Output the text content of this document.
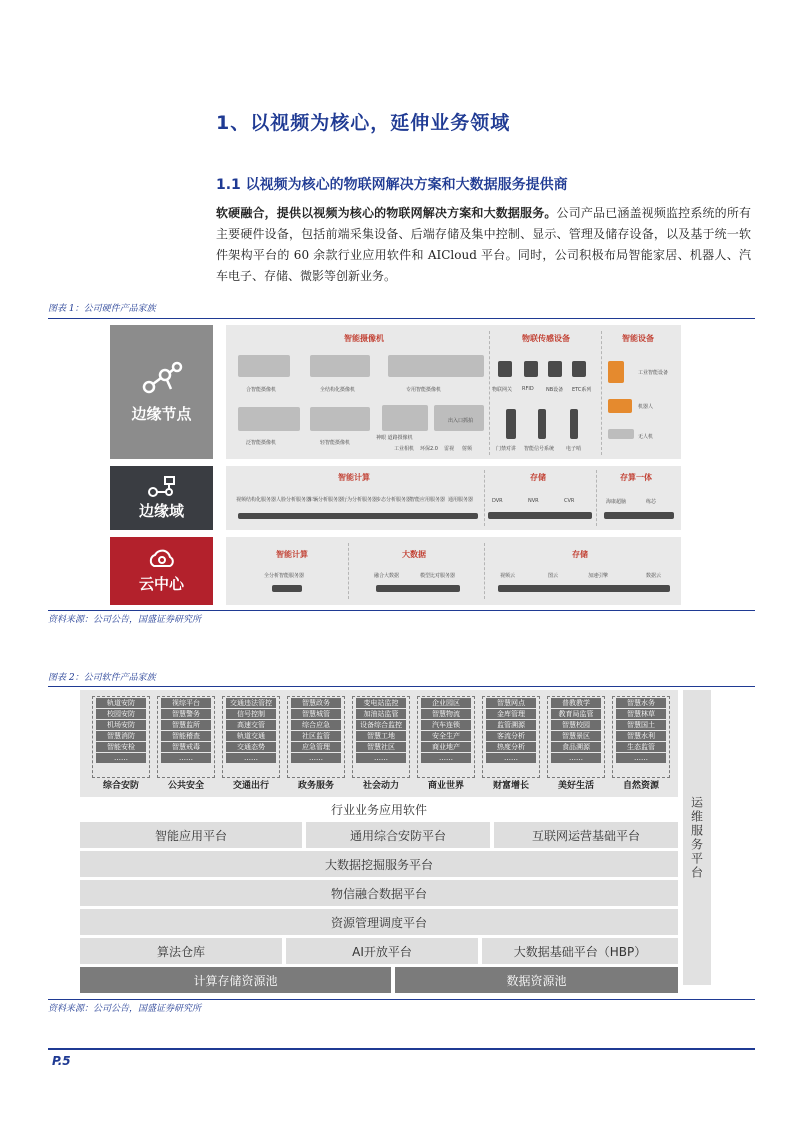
1、以视频为核心，延伸业务领域
1.1 以视频为核心的物联网解决方案和大数据服务提供商
软硬融合，提供以视频为核心的物联网解决方案和大数据服务。公司产品已涵盖视频监控系统的所有主要硬件设备，包括前端采集设备、后端存储及集中控制、显示、管理及储存设备，以及基于统一软件架构平台的 60 余款行业应用软件和 AICloud 平台。同时，公司积极布局智能家居、机器人、汽车电子、存储、微影等创新业务。
图表 1：公司硬件产品家族
边缘节点
智能摄像机	物联传感设备	智能设备
合智能摄像机	全结构化摄像机	专用智能摄像机
泛智能摄像机	轻智能摄像机
神眼 道路摄像机
工业相机 环保2.0 雷视 射频
出入口抓拍
物联网关 RFID NB设备 ETC系列
门禁对讲 智能信号系统 电子哨
工业智能设备
机器人
无人机
边缘域
智能计算	存储	存算一体
视频结构化服务器 人脸分析服务器
车辆分析服务器
行为分析服务器
步态分析服务器
智能应用服务器 通用服务器	DVR	NVR	CVR	海康超脑	练芯
云中心
智能计算	大数据	存储
全分析智能服务器	融合大数据	模型比对服务器	视频云	图云	加速引擎	数据云
资料来源：公司公告，国盛证券研究所
图表 2：公司软件产品家族
轨道安防
校园安防
机场安防
智慧消防
智能安检
……
综合安防
视综平台
智慧警务
智慧监所
智能稽查
智慧戒毒
……
公共安全
交通违法管控
信号控制
高速交管
轨道交通
交通态势
……
交通出行
智慧政务
智慧城管
综合应急
社区监管
应急管理
……
政务服务
变电站监控
加油站监管
设备综合监控
智慧工地
智慧社区
……
社会动力
企业园区
智慧物流
汽车连锁
安全生产
商业地产
……
商业世界
智慧网点
金库管理
监管溯源
客流分析
热度分析
……
财富增长
普教教学
教育局监管
智慧校园
智慧景区
食品溯源
……
美好生活
智慧水务
智慧林草
智慧国土
智慧水利
生态监管
……
自然资源
行业业务应用软件
智能应用平台	通用综合安防平台	互联网运营基础平台
大数据挖掘服务平台
物信融合数据平台
资源管理调度平台
算法仓库	AI开放平台	大数据基础平台（HBP）
计算存储资源池	数据资源池
运维服务平台
资料来源：公司公告，国盛证券研究所
P.5
